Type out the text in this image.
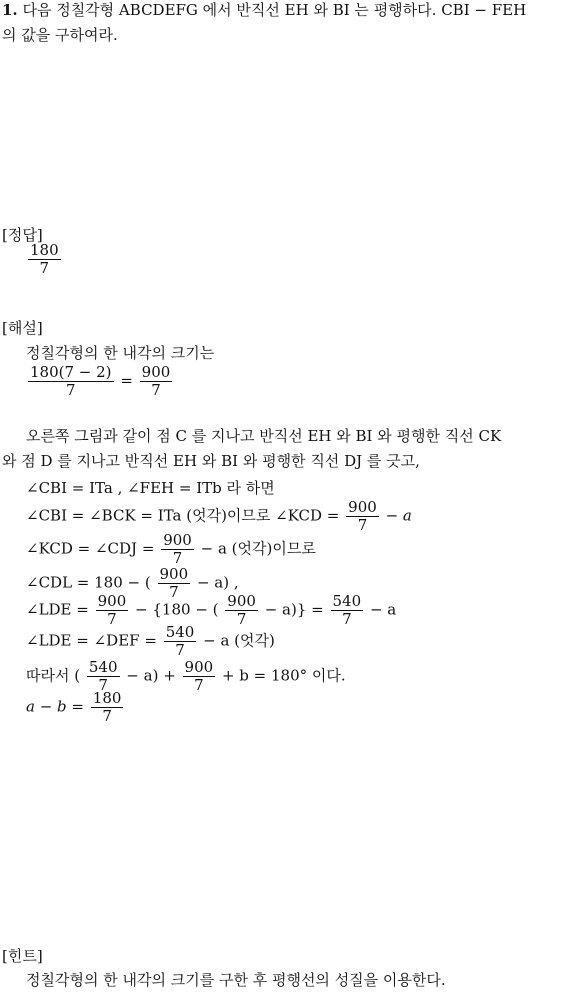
1. 다음 정칠각형 ABCDEFG 에서 반직선 EH 와 BI 는 평행하다. CBI − FEH
의 값을 구하여라.
[정답]
$\frac{180}{7}$
[해설]
정칠각형의 한 내각의 크기는
$\frac{180(7 - 2)}{7} = \frac{900}{7}$
오른쪽 그림과 같이 점 C 를 지나고 반직선 EH 와 BI 와 평행한 직선 CK
와 점 D 를 지나고 반직선 EH 와 BI 와 평행한 직선 DJ 를 긋고,
∠CBI = ITa , ∠FEH = ITb 라 하면
∠CBI = ∠BCK = ITa (엇각)이므로 ∠KCD = $\frac{900}{7} - a$
∠KCD = ∠CDJ = $\frac{900}{7} - a$ (엇각)이므로
∠CDL = 180 − ( $\frac{900}{7} - a$) ,
∠LDE = $\frac{900}{7} - \{180$ − ( $\frac{900}{7} - a)\} = \frac{540}{7} - a$
∠LDE = ∠DEF = $\frac{540}{7} - a$ (엇각)
따라서 ( $\frac{540}{7} - a) + \frac{900}{7} + b = 180^\circ$ 이다.
$a - b = \frac{180}{7}$
[힌트]
정칠각형의 한 내각의 크기를 구한 후 평행선의 성질을 이용한다.
